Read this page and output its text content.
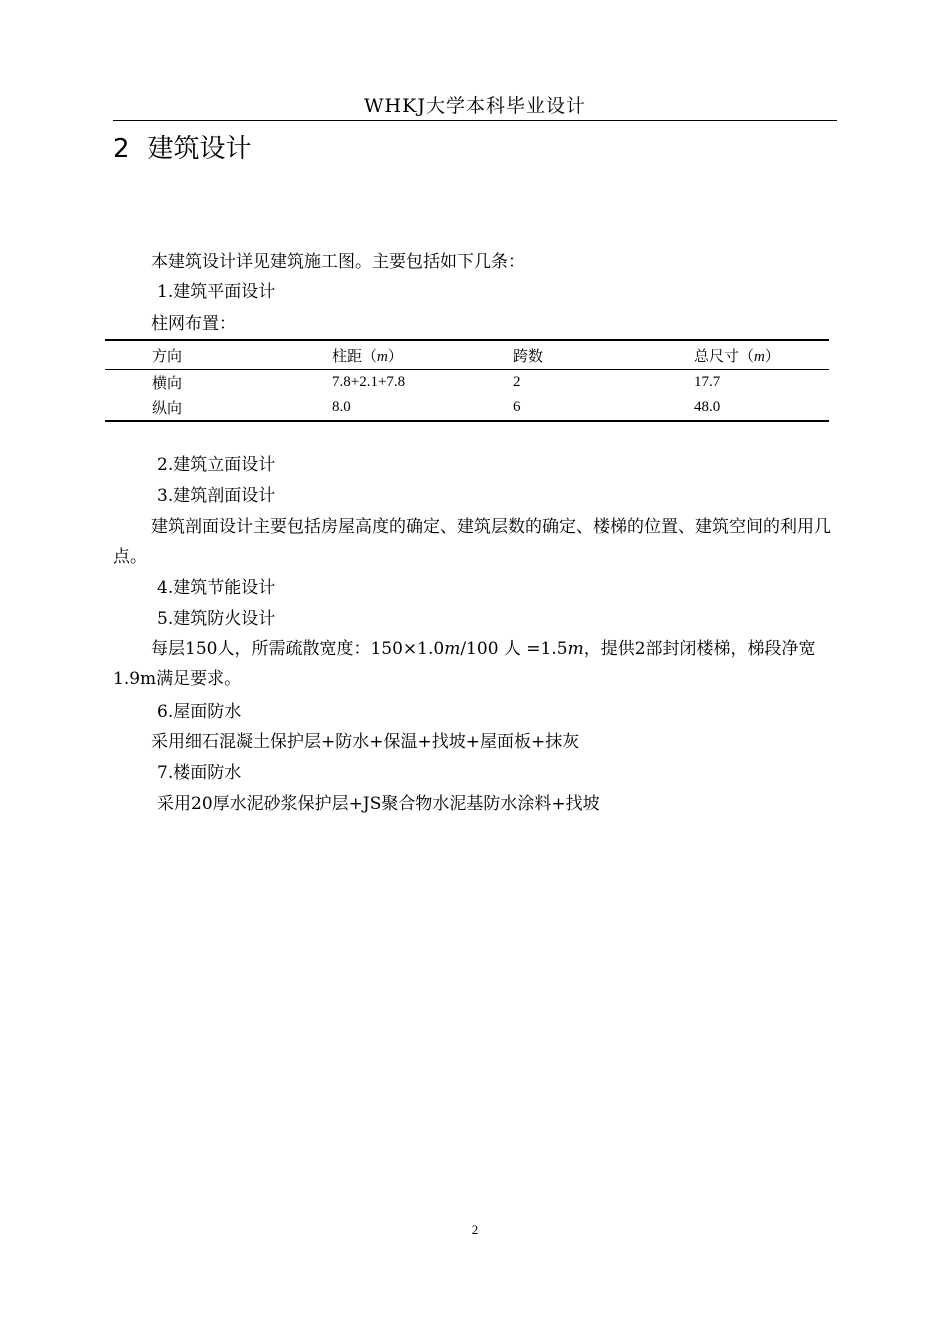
WHKJ大学本科毕业设计
2 建筑设计

本建筑设计详见建筑施工图。主要包括如下几条：

1.建筑平面设计

柱网布置：

方向	柱距（m）	跨数	总尺寸（m）
横向	7.8+2.1+7.8	2	17.7
纵向	8.0	6	48.0

2.建筑立面设计

3.建筑剖面设计

建筑剖面设计主要包括房屋高度的确定、建筑层数的确定、楼梯的位置、建筑空间的利用几点。

4.建筑节能设计

5.建筑防火设计

每层150人，所需疏散宽度：150×1.0m/100 人 =1.5m，提供2部封闭楼梯，梯段净宽1.9m满足要求。

6.屋面防水

采用细石混凝土保护层+防水+保温+找坡+屋面板+抹灰

7.楼面防水

采用20厚水泥砂浆保护层+JS聚合物水泥基防水涂料+找坡

2
